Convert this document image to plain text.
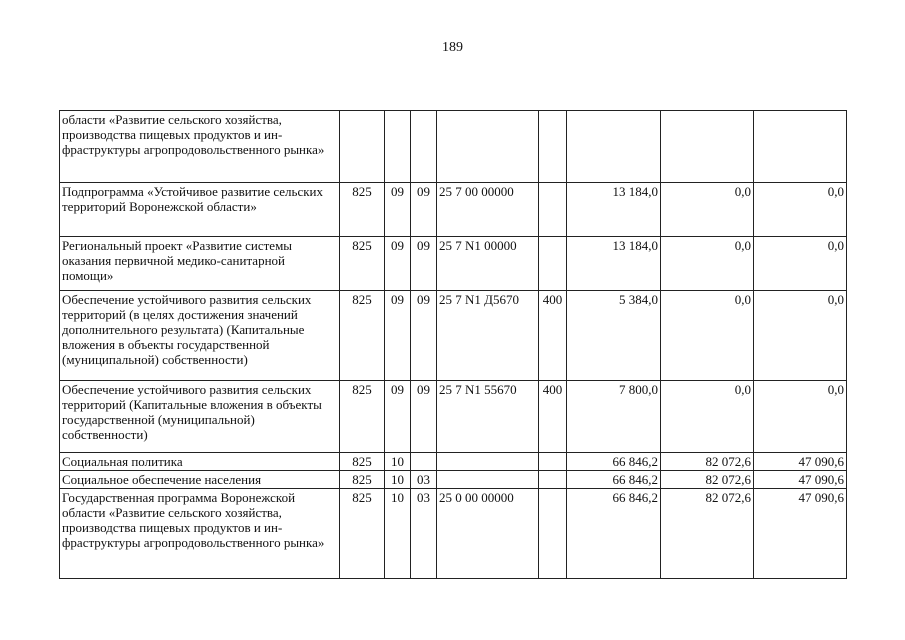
189
области «Развитие сельского хозяйства, производства пищевых продуктов и инфраструктуры агропродовольственного рынка»								
Подпрограмма «Устойчивое развитие сельских территорий Воронежской области»	825	09	09	25 7 00 00000		13 184,0	0,0	0,0
Региональный проект «Развитие системы оказания первичной медико-санитарной помощи»	825	09	09	25 7 N1 00000		13 184,0	0,0	0,0
Обеспечение устойчивого развития сельских территорий (в целях достижения значений дополнительного результата) (Капитальные вложения в объекты государственной (муниципальной) собственности)	825	09	09	25 7 N1 Д5670	400	5 384,0	0,0	0,0
Обеспечение устойчивого развития сельских территорий (Капитальные вложения в объекты государственной (муниципальной) собственности)	825	09	09	25 7 N1 55670	400	7 800,0	0,0	0,0
Социальная политика	825	10				66 846,2	82 072,6	47 090,6
Социальное обеспечение населения	825	10	03			66 846,2	82 072,6	47 090,6
Государственная программа Воронежской области «Развитие сельского хозяйства, производства пищевых продуктов и инфраструктуры агропродовольственного рынка»	825	10	03	25 0 00 00000		66 846,2	82 072,6	47 090,6
